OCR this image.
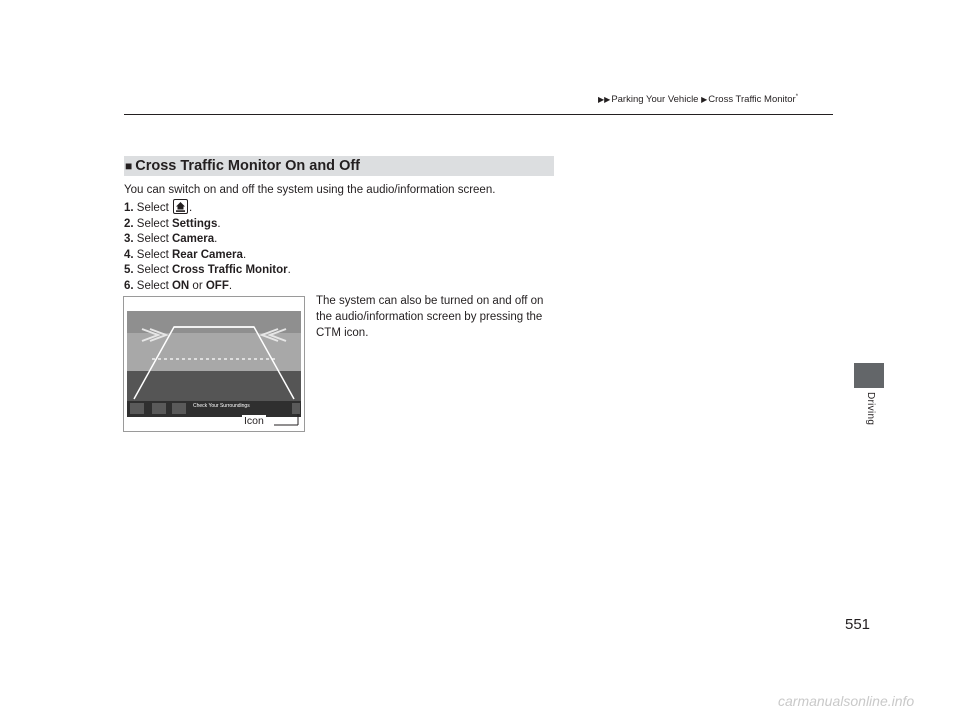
▶▶Parking Your Vehicle ▶Cross Traffic Monitor*
■ Cross Traffic Monitor On and Off
You can switch on and off the system using the audio/information screen.
1. Select .
2. Select Settings.
3. Select Camera.
4. Select Rear Camera.
5. Select Cross Traffic Monitor.
6. Select ON or OFF.
The system can also be turned on and off on the audio/information screen by pressing the CTM icon.
Check Your Surroundings
Icon	Driving
551
carmanualsonline.info
